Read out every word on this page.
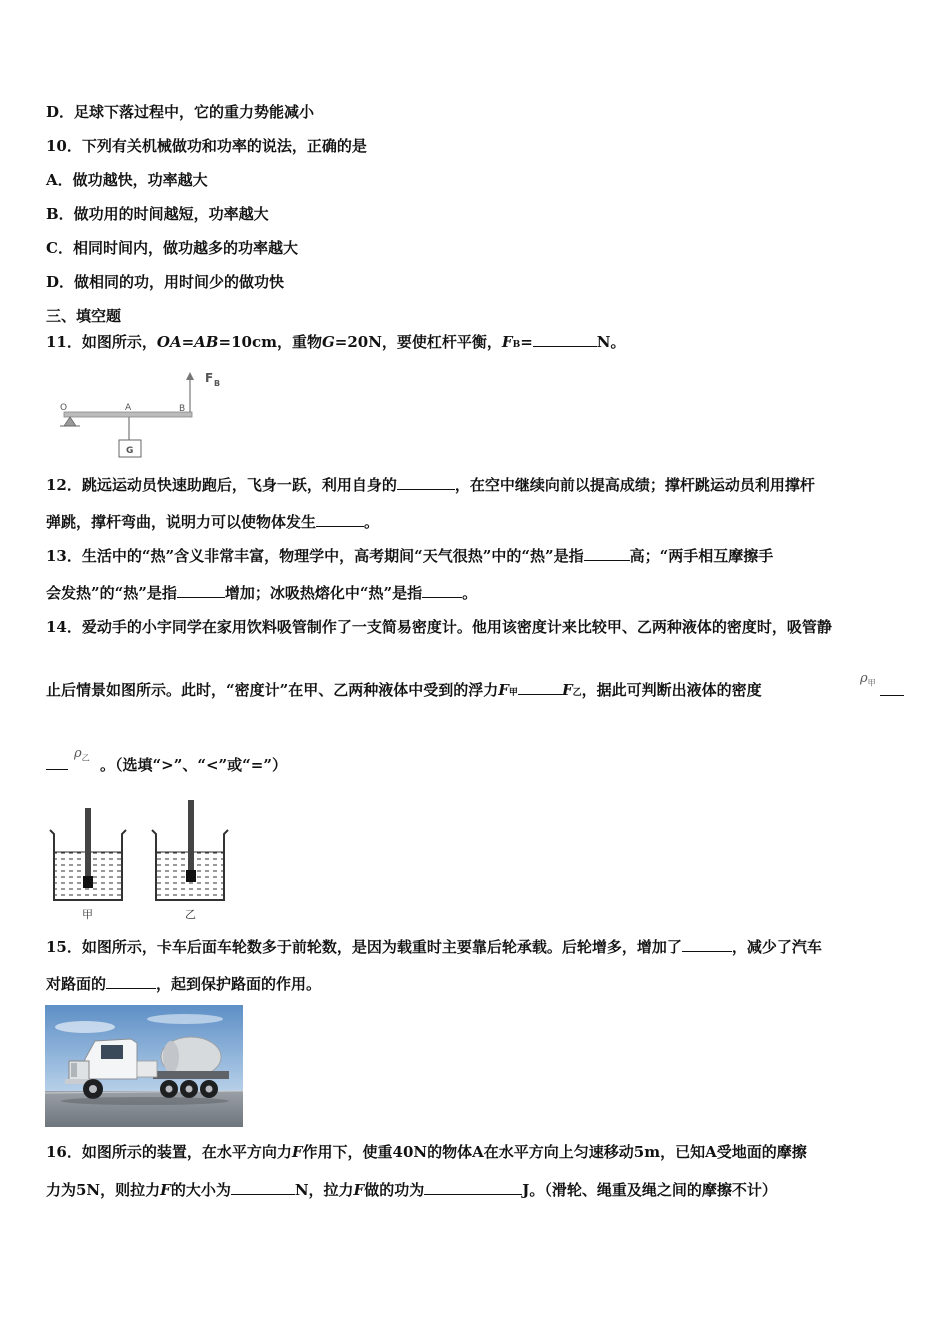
D．足球下落过程中，它的重力势能减小
10．下列有关机械做功和功率的说法，正确的是
A．做功越快，功率越大
B．做功用的时间越短，功率越大
C．相同时间内，做功越多的功率越大
D．做相同的功，用时间少的做功快
三、填空题
11．如图所示，OA=AB=10cm，重物G=20N，要使杠杆平衡，FB=	N。
O	A	B
G
F B
12．跳远运动员快速助跑后，飞身一跃，利用自身的	，在空中继续向前以提高成绩；撑杆跳运动员利用撑杆
弹跳，撑杆弯曲，说明力可以使物体发生	。
13．生活中的“热”含义非常丰富，物理学中，高考期间“天气很热”中的“热”是指	高；“两手相互摩擦手
会发热”的“热”是指	增加；冰吸热熔化中“热”是指	。
14．爱动手的小宇同学在家用饮料吸管制作了一支简易密度计。他用该密度计来比较甲、乙两种液体的密度时，吸管静
止后情景如图所示。此时，“密度计”在甲、乙两种液体中受到的浮力F甲	F乙，据此可判断出液体的密度
$\rho_甲$
。（选填“>”、“<”或“=”）
$\rho_乙$
甲	乙
15．如图所示，卡车后面车轮数多于前轮数，是因为载重时主要靠后轮承载。后轮增多，增加了	，减少了汽车
对路面的	，起到保护路面的作用。
16．如图所示的装置，在水平方向力F作用下，使重40N的物体A在水平方向上匀速移动5m，已知A受地面的摩擦
力为5N，则拉力F的大小为	N，拉力F做的功为	J。（滑轮、绳重及绳之间的摩擦不计）
